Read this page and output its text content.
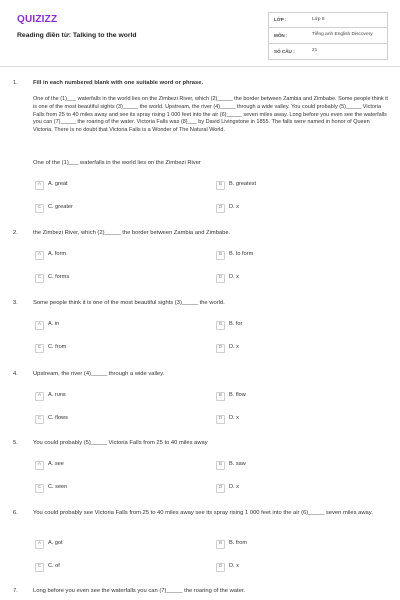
QUIZIZZ
Reading điền từ: Talking to the world
LỚP :	Lớp 6
MÔN :	Tiếng anh English Discovery
SỐ CÂU :	21
1.	Fill in each numbered blank with one suitable word or phrase.
One of the (1)___ waterfalls in the world lies on the Zimbezi River, which (2)_____ the border between Zambia and Zimbabe. Some people think it is one of the most beautiful sights (3)_____ the world. Upstream, the river (4)_____ through a wide valley. You could probably (5)_____ Victoria Falls from 25 to 40 miles away and see its spray rising 1 000 feet into the air (6)_____ seven miles away. Long before you even see the waterfalls you can (7)_____ the roaring of the water. Victoria Falls was (8)___ by David Livingstone in 1855. The falls were named in honor of Queen Victoria. There is no doubt that Victoria Falls is a Wonder of The Natural World.
One of the (1)___ waterfalls in the world lies on the Zimbezi River
A	A. great	B	B. greatest
C	C. greater	D	D. x
2.	the Zimbezi River, which (2)_____ the border between Zambia and Zimbabe.
A	A. form	B	B. to form
C	C. forms	D	D. x
3.	Some people think it is one of the most beautiful sights (3)_____ the world.
A	A. in	B	B. for
C	C. from	D	D. x
4.	Upstream, the river (4)_____ through a wide valley.
A	A. runs	B	B. flow
C	C. flows	D	D. x
5.	You could probably (5)_____ Victoria Falls from 25 to 40 miles away
A	A. see	B	B. saw
C	C. seen	D	D. x
6.	You could probably see Victoria Falls from 25 to 40 miles away see its spray rising 1 000 feet into the air (6)_____ seven miles away.
A	A. got	B	B. from
C	C. of	D	D. x
7.	Long before you even see the waterfalls you can (7)_____ the roaring of the water.
